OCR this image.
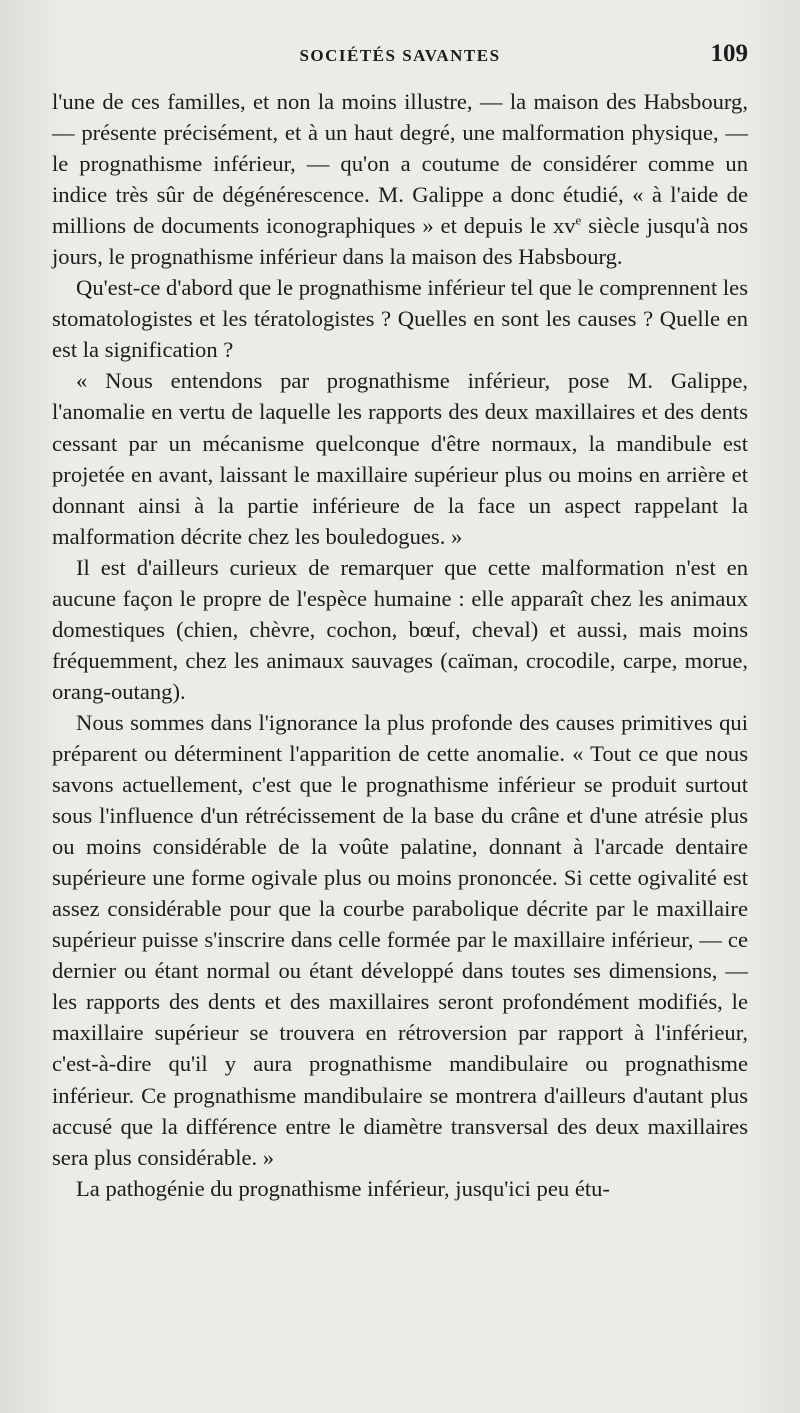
SOCIÉTÉS SAVANTES	109

l'une de ces familles, et non la moins illustre, — la maison des Habsbourg, — présente précisément, et à un haut degré, une malformation physique, — le prognathisme inférieur, — qu'on a coutume de considérer comme un indice très sûr de dégénérescence. M. Galippe a donc étudié, « à l'aide de millions de documents iconographiques » et depuis le $xv^e$ siècle jusqu'à nos jours, le prognathisme inférieur dans la maison des Habsbourg.

Qu'est-ce d'abord que le prognathisme inférieur tel que le comprennent les stomatologistes et les tératologistes ? Quelles en sont les causes ? Quelle en est la signification ?

« Nous entendons par prognathisme inférieur, pose M. Galippe, l'anomalie en vertu de laquelle les rapports des deux maxillaires et des dents cessant par un mécanisme quelconque d'être normaux, la mandibule est projetée en avant, laissant le maxillaire supérieur plus ou moins en arrière et donnant ainsi à la partie inférieure de la face un aspect rappelant la malformation décrite chez les bouledogues. »

Il est d'ailleurs curieux de remarquer que cette malformation n'est en aucune façon le propre de l'espèce humaine : elle apparaît chez les animaux domestiques (chien, chèvre, cochon, bœuf, cheval) et aussi, mais moins fréquemment, chez les animaux sauvages (caïman, crocodile, carpe, morue, orang-outang).

Nous sommes dans l'ignorance la plus profonde des causes primitives qui préparent ou déterminent l'apparition de cette anomalie. « Tout ce que nous savons actuellement, c'est que le prognathisme inférieur se produit surtout sous l'influence d'un rétrécissement de la base du crâne et d'une atrésie plus ou moins considérable de la voûte palatine, donnant à l'arcade dentaire supérieure une forme ogivale plus ou moins prononcée. Si cette ogivalité est assez considérable pour que la courbe parabolique décrite par le maxillaire supérieur puisse s'inscrire dans celle formée par le maxillaire inférieur, — ce dernier ou étant normal ou étant développé dans toutes ses dimensions, — les rapports des dents et des maxillaires seront profondément modifiés, le maxillaire supérieur se trouvera en rétroversion par rapport à l'inférieur, c'est-à-dire qu'il y aura prognathisme mandibulaire ou prognathisme inférieur. Ce prognathisme mandibulaire se montrera d'ailleurs d'autant plus accusé que la différence entre le diamètre transversal des deux maxillaires sera plus considérable. »

La pathogénie du prognathisme inférieur, jusqu'ici peu étu-
